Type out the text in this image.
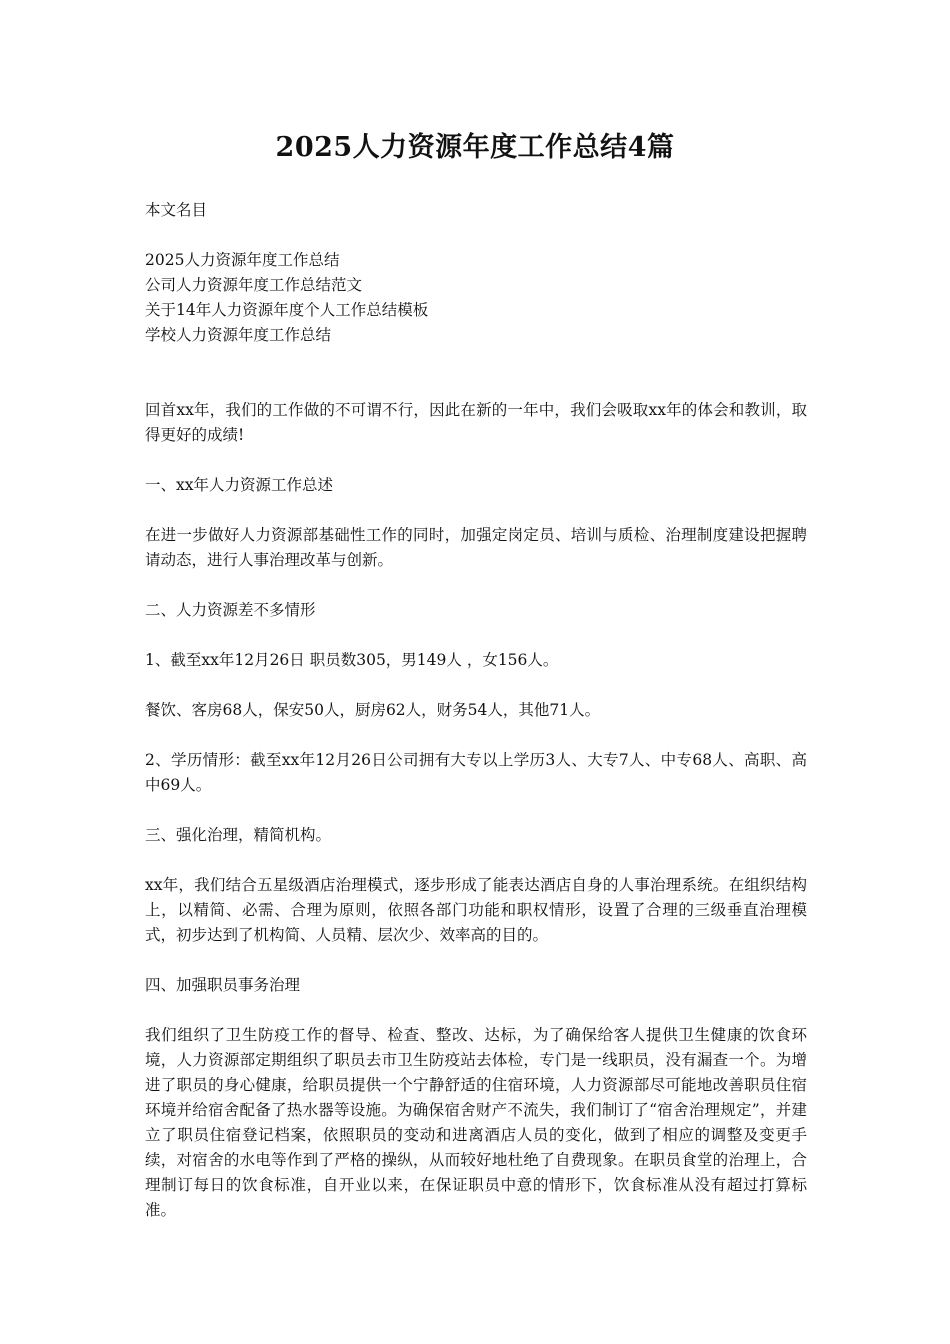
2025人力资源年度工作总结4篇

本文名目

2025人力资源年度工作总结
公司人力资源年度工作总结范文
关于14年人力资源年度个人工作总结模板
学校人力资源年度工作总结

回首xx年，我们的工作做的不可谓不行，因此在新的一年中，我们会吸取xx年的体会和教训，取得更好的成绩!

一、xx年人力资源工作总述

在进一步做好人力资源部基础性工作的同时，加强定岗定员、培训与质检、治理制度建设把握聘请动态，进行人事治理改革与创新。

二、人力资源差不多情形

1、截至xx年12月26日 职员数305，男149人 ，女156人。

餐饮、客房68人，保安50人，厨房62人，财务54人，其他71人。

2、学历情形：截至xx年12月26日公司拥有大专以上学历3人、大专7人、中专68人、高职、高中69人。

三、强化治理，精简机构。

xx年，我们结合五星级酒店治理模式，逐步形成了能表达酒店自身的人事治理系统。在组织结构上，以精简、必需、合理为原则，依照各部门功能和职权情形，设置了合理的三级垂直治理模式，初步达到了机构简、人员精、层次少、效率高的目的。

四、加强职员事务治理

我们组织了卫生防疫工作的督导、检查、整改、达标，为了确保给客人提供卫生健康的饮食环境，人力资源部定期组织了职员去市卫生防疫站去体检，专门是一线职员，没有漏查一个。为增进了职员的身心健康，给职员提供一个宁静舒适的住宿环境，人力资源部尽可能地改善职员住宿环境并给宿舍配备了热水器等设施。为确保宿舍财产不流失，我们制订了“宿舍治理规定”，并建立了职员住宿登记档案，依照职员的变动和进离酒店人员的变化，做到了相应的调整及变更手续，对宿舍的水电等作到了严格的操纵，从而较好地杜绝了自费现象。在职员食堂的治理上，合理制订每日的饮食标准，自开业以来，在保证职员中意的情形下，饮食标准从没有超过打算标准。
